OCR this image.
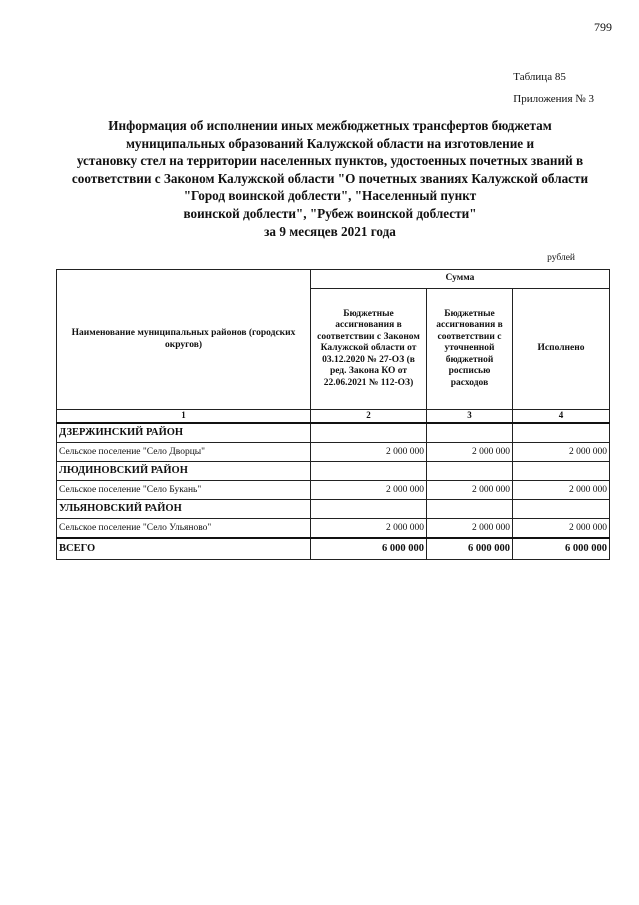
799
Таблица 85
Приложения № 3
Информация об исполнении иных межбюджетных трансфертов бюджетам
муниципальных образований Калужской области на изготовление и
установку стел на территории населенных пунктов, удостоенных почетных званий в
соответствии с Законом Калужской области "О почетных званиях Калужской области
"Город воинской доблести", "Населенный пункт
воинской доблести", "Рубеж воинской доблести"
за 9 месяцев 2021 года
рублей
Наименование муниципальных районов (городских округов)	Сумма		
	Бюджетные ассигнования в соответствии с Законом Калужской области от 03.12.2020 № 27-ОЗ (в ред. Закона КО от 22.06.2021 № 112-ОЗ)	Бюджетные ассигнования в соответствии с уточненной бюджетной росписью расходов	Исполнено
1	2	3	4
ДЗЕРЖИНСКИЙ РАЙОН			
Сельское поселение "Село Дворцы"	2 000 000	2 000 000	2 000 000
ЛЮДИНОВСКИЙ РАЙОН			
Сельское поселение "Село Букань"	2 000 000	2 000 000	2 000 000
УЛЬЯНОВСКИЙ РАЙОН			
Сельское поселение "Село Ульяново"	2 000 000	2 000 000	2 000 000
ВСЕГО	6 000 000	6 000 000	6 000 000
